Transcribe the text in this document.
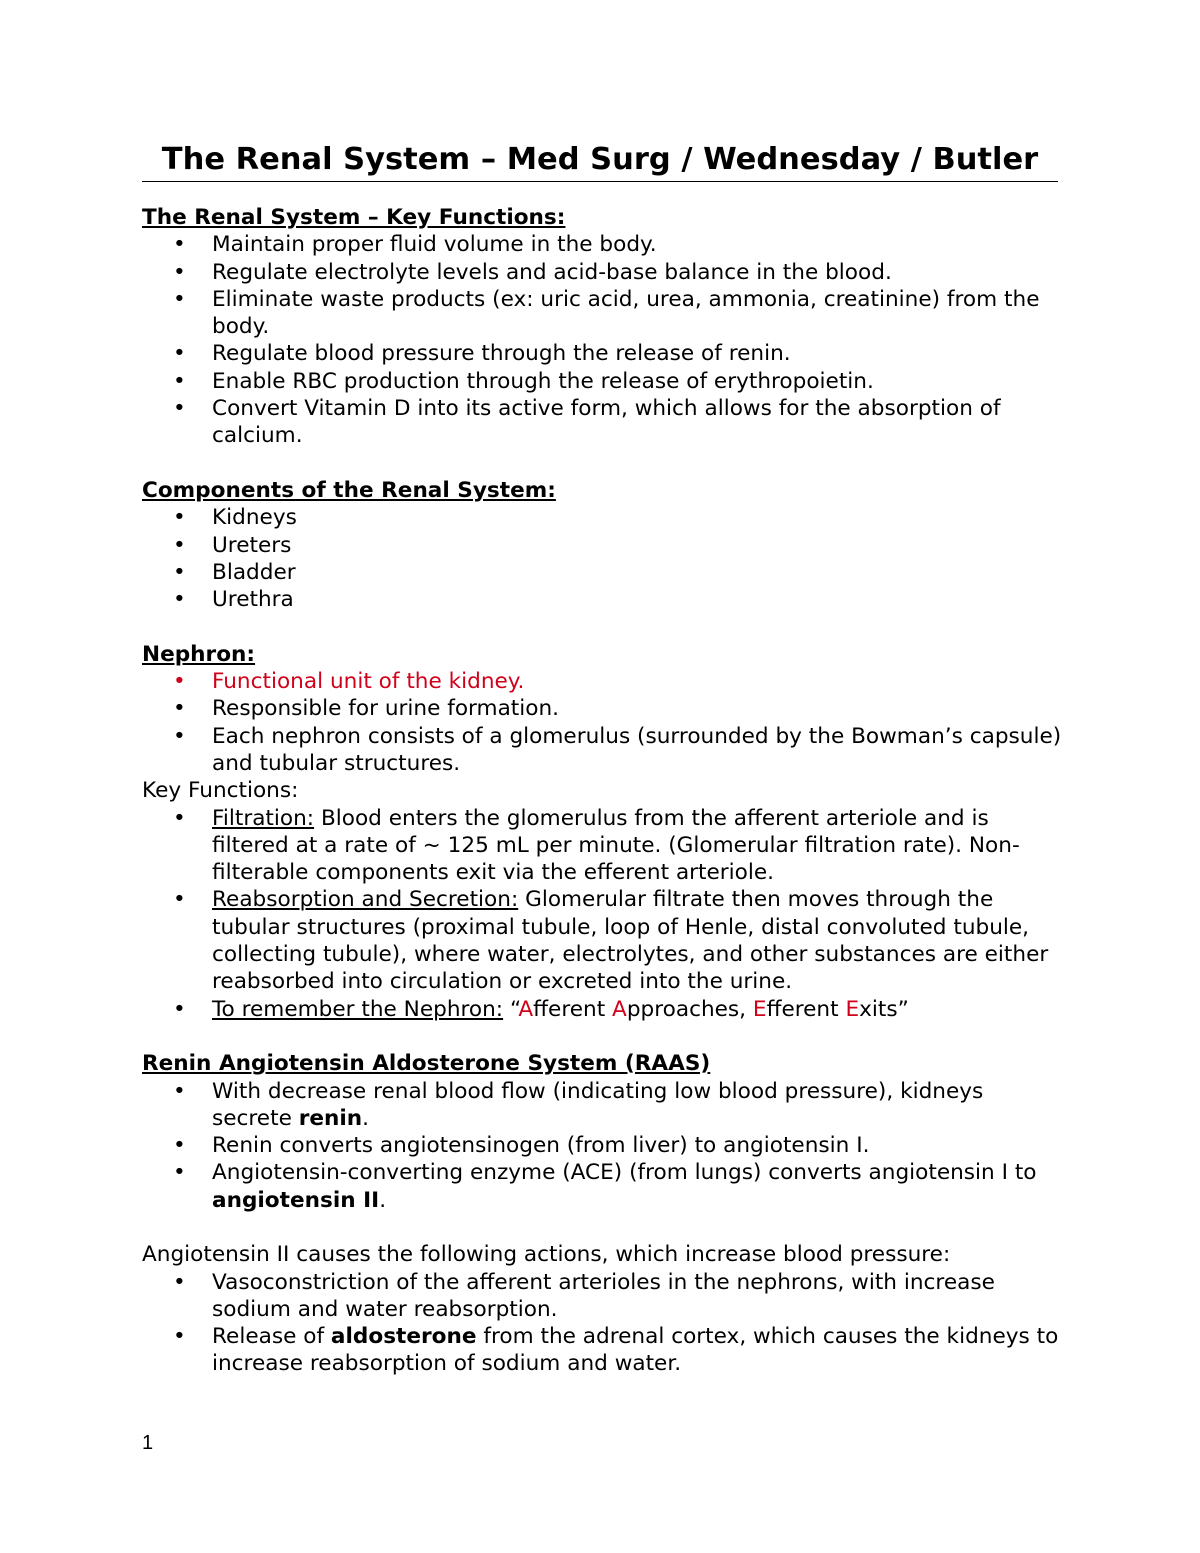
The Renal System – Med Surg / Wednesday / Butler
The Renal System – Key Functions:
• Maintain proper fluid volume in the body.
• Regulate electrolyte levels and acid-base balance in the blood.
• Eliminate waste products (ex: uric acid, urea, ammonia, creatinine) from the body.
• Regulate blood pressure through the release of renin.
• Enable RBC production through the release of erythropoietin.
• Convert Vitamin D into its active form, which allows for the absorption of calcium.
Components of the Renal System:
• Kidneys
• Ureters
• Bladder
• Urethra
Nephron:
• Functional unit of the kidney.
• Responsible for urine formation.
• Each nephron consists of a glomerulus (surrounded by the Bowman’s capsule) and tubular structures.
Key Functions:
• Filtration: Blood enters the glomerulus from the afferent arteriole and is filtered at a rate of ~ 125 mL per minute. (Glomerular filtration rate). Non-filterable components exit via the efferent arteriole.
• Reabsorption and Secretion: Glomerular filtrate then moves through the tubular structures (proximal tubule, loop of Henle, distal convoluted tubule, collecting tubule), where water, electrolytes, and other substances are either reabsorbed into circulation or excreted into the urine.
• To remember the Nephron: “Afferent Approaches, Efferent Exits”
Renin Angiotensin Aldosterone System (RAAS)
• With decrease renal blood flow (indicating low blood pressure), kidneys secrete renin.
• Renin converts angiotensinogen (from liver) to angiotensin I.
• Angiotensin-converting enzyme (ACE) (from lungs) converts angiotensin I to angiotensin II.
Angiotensin II causes the following actions, which increase blood pressure:
• Vasoconstriction of the afferent arterioles in the nephrons, with increase sodium and water reabsorption.
• Release of aldosterone from the adrenal cortex, which causes the kidneys to increase reabsorption of sodium and water.
1
